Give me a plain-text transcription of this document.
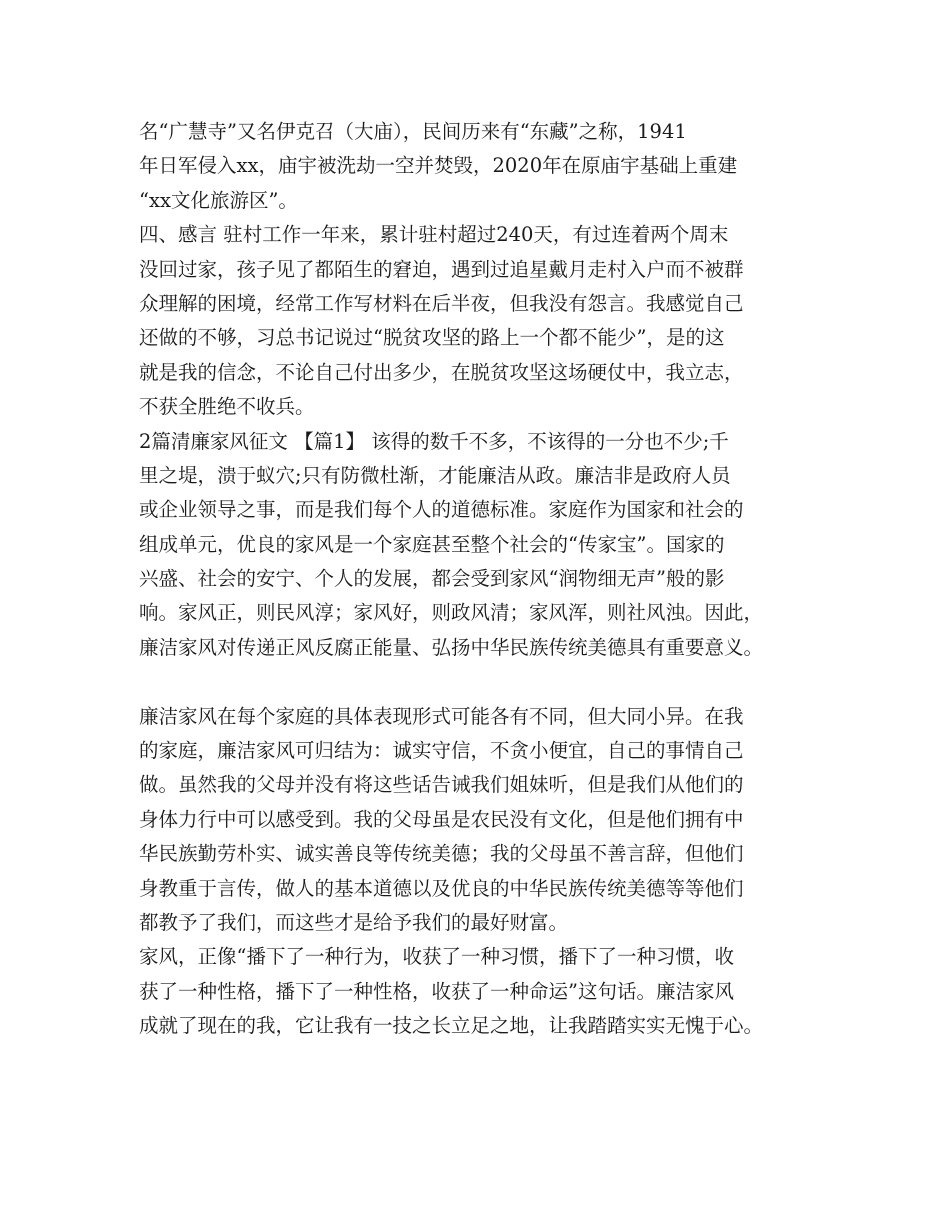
名“广慧寺”又名伊克召（大庙），民间历来有“东藏”之称，1941
年日军侵入xx，庙宇被洗劫一空并焚毁，2020年在原庙宇基础上重建
“xx文化旅游区”。
四、感言 驻村工作一年来，累计驻村超过240天，有过连着两个周末
没回过家，孩子见了都陌生的窘迫，遇到过追星戴月走村入户而不被群
众理解的困境，经常工作写材料在后半夜，但我没有怨言。我感觉自己
还做的不够，习总书记说过“脱贫攻坚的路上一个都不能少”，是的这
就是我的信念，不论自己付出多少，在脱贫攻坚这场硬仗中，我立志，
不获全胜绝不收兵。
2篇清廉家风征文 【篇1】 该得的数千不多，不该得的一分也不少;千
里之堤，溃于蚁穴;只有防微杜渐，才能廉洁从政。廉洁非是政府人员
或企业领导之事，而是我们每个人的道德标准。家庭作为国家和社会的
组成单元，优良的家风是一个家庭甚至整个社会的“传家宝”。国家的
兴盛、社会的安宁、个人的发展，都会受到家风“润物细无声”般的影
响。家风正，则民风淳；家风好，则政风清；家风浑，则社风浊。因此，
廉洁家风对传递正风反腐正能量、弘扬中华民族传统美德具有重要意义。
廉洁家风在每个家庭的具体表现形式可能各有不同，但大同小异。在我
的家庭，廉洁家风可归结为：诚实守信，不贪小便宜，自己的事情自己
做。虽然我的父母并没有将这些话告诫我们姐妹听，但是我们从他们的
身体力行中可以感受到。我的父母虽是农民没有文化，但是他们拥有中
华民族勤劳朴实、诚实善良等传统美德；我的父母虽不善言辞，但他们
身教重于言传，做人的基本道德以及优良的中华民族传统美德等等他们
都教予了我们，而这些才是给予我们的最好财富。
家风，正像“播下了一种行为，收获了一种习惯，播下了一种习惯，收
获了一种性格，播下了一种性格，收获了一种命运”这句话。廉洁家风
成就了现在的我，它让我有一技之长立足之地，让我踏踏实实无愧于心。
